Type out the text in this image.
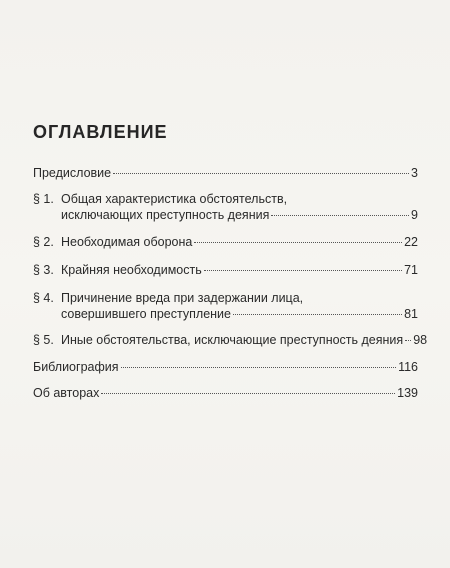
ОГЛАВЛЕНИЕ
Предисловие	3
§ 1. Общая характеристика обстоятельств,
исключающих преступность деяния	9
§ 2. Необходимая оборона	22
§ 3. Крайняя необходимость	71
§ 4. Причинение вреда при задержании лица,
совершившего преступление	81
§ 5. Иные обстоятельства, исключающие преступность деяния 98
Библиография	116
Об авторах	139
